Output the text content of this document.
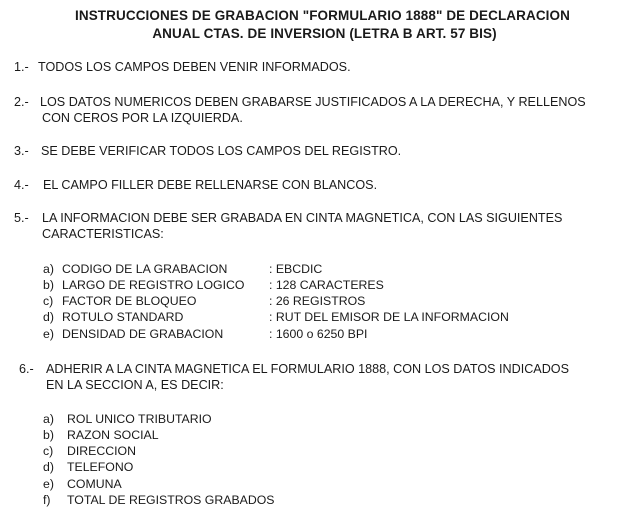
INSTRUCCIONES DE GRABACION "FORMULARIO 1888" DE DECLARACION
ANUAL CTAS. DE INVERSION (LETRA B ART. 57 BIS)
1.- TODOS LOS CAMPOS DEBEN VENIR INFORMADOS.
2.- LOS DATOS NUMERICOS DEBEN GRABARSE JUSTIFICADOS A LA DERECHA, Y RELLENOS
CON CEROS POR LA IZQUIERDA.
3.- SE DEBE VERIFICAR TODOS LOS CAMPOS DEL REGISTRO.
4.- EL CAMPO FILLER DEBE RELLENARSE CON BLANCOS.
5.- LA INFORMACION DEBE SER GRABADA EN CINTA MAGNETICA, CON LAS SIGUIENTES
CARACTERISTICAS:
a) CODIGO DE LA GRABACION	: EBCDIC
b) LARGO DE REGISTRO LOGICO : 128 CARACTERES
c) FACTOR DE BLOQUEO	: 26 REGISTROS
d) ROTULO STANDARD	: RUT DEL EMISOR DE LA INFORMACION
e) DENSIDAD DE GRABACION	: 1600 o 6250 BPI
6.- ADHERIR A LA CINTA MAGNETICA EL FORMULARIO 1888, CON LOS DATOS INDICADOS
EN LA SECCION A, ES DECIR:
a) ROL UNICO TRIBUTARIO
b) RAZON SOCIAL
c) DIRECCION
d) TELEFONO
e) COMUNA
f) TOTAL DE REGISTROS GRABADOS
